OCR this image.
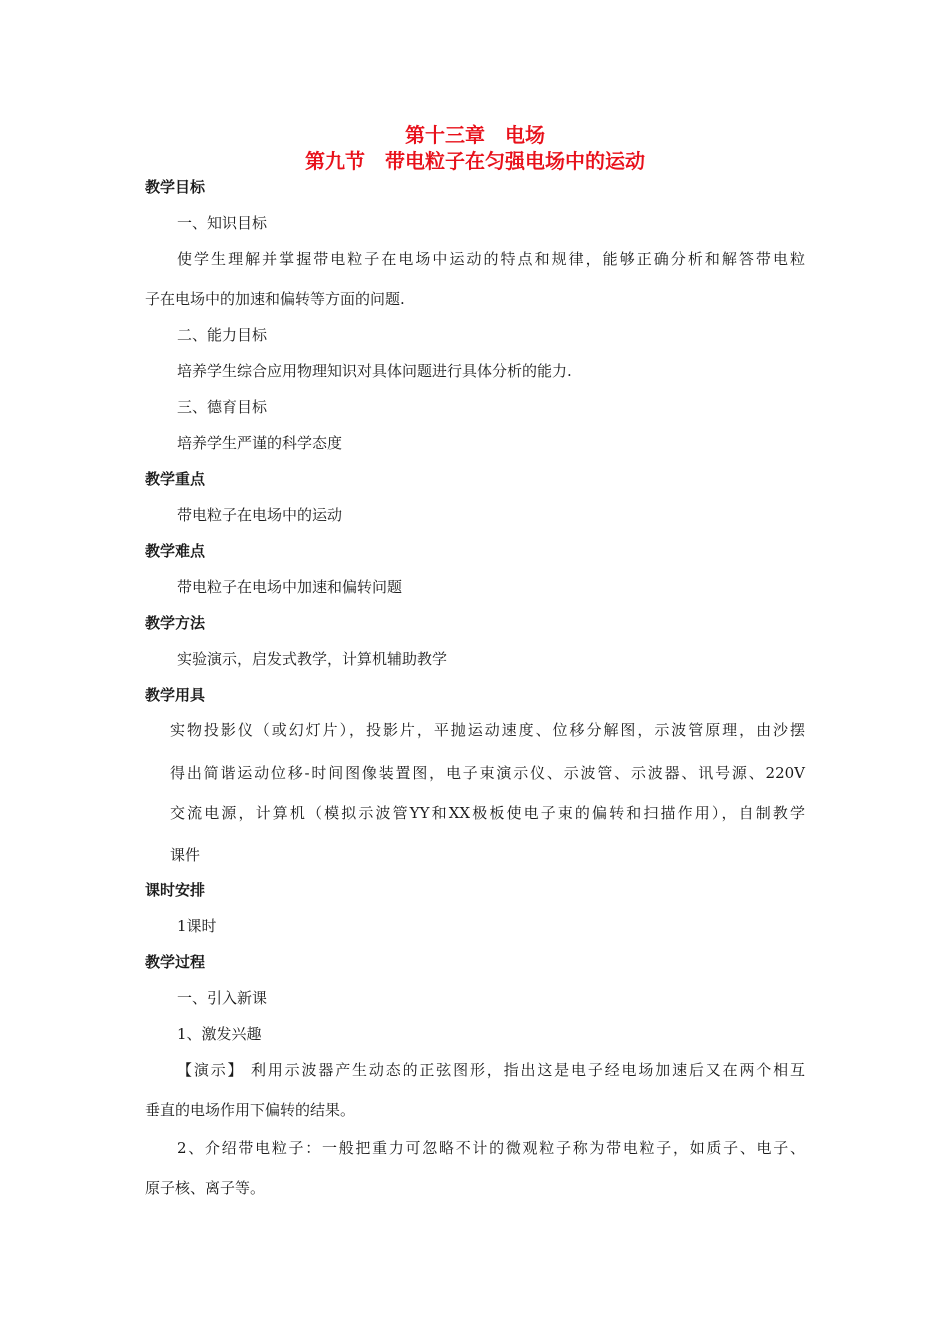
第十三章　电场
第九节　带电粒子在匀强电场中的运动
教学目标
一、知识目标
使学生理解并掌握带电粒子在电场中运动的特点和规律，能够正确分析和解答带电粒
子在电场中的加速和偏转等方面的问题.
二、能力目标
培养学生综合应用物理知识对具体问题进行具体分析的能力.
三、德育目标
培养学生严谨的科学态度
教学重点
带电粒子在电场中的运动
教学难点
带电粒子在电场中加速和偏转问题
教学方法
实验演示，启发式教学，计算机辅助教学
教学用具
实物投影仪（或幻灯片），投影片，平抛运动速度、位移分解图，示波管原理，由沙摆
得出简谐运动位移-时间图像装置图，电子束演示仪、示波管、示波器、讯号源、220V
交流电源，计算机（模拟示波管YY和XX极板使电子束的偏转和扫描作用），自制教学
课件
课时安排
1课时
教学过程
一、引入新课
1、激发兴趣
【演示】 利用示波器产生动态的正弦图形，指出这是电子经电场加速后又在两个相互
垂直的电场作用下偏转的结果。
2、介绍带电粒子：一般把重力可忽略不计的微观粒子称为带电粒子，如质子、电子、
原子核、离子等。
